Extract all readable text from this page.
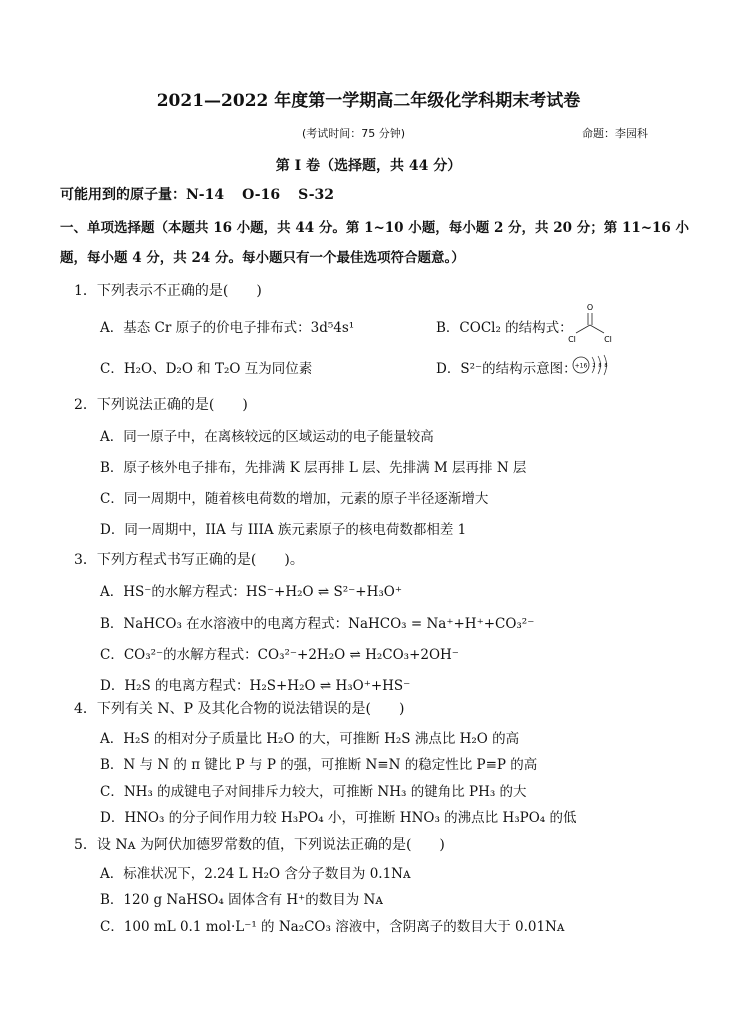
2021—2022 年度第一学期高二年级化学科期末考试卷
(考试时间：75 分钟)	命题：李园科
第 I 卷（选择题，共 44 分）
可能用到的原子量：N-14 O-16 S-32
一、单项选择题（本题共 16 小题，共 44 分。第 1~10 小题，每小题 2 分，共 20 分；第 11~16 小
题，每小题 4 分，共 24 分。每小题只有一个最佳选项符合题意。）
1．下列表示不正确的是(　　)
A．基态 Cr 原子的价电子排布式：3d⁵4s¹	B．COCl₂ 的结构式：
O
Cl	Cl
C．H₂O、D₂O 和 T₂O 互为同位素	D．S²⁻的结构示意图：
+16 2 8 8
2．下列说法正确的是(　　)
A．同一原子中，在离核较远的区域运动的电子能量较高
B．原子核外电子排布，先排满 K 层再排 L 层、先排满 M 层再排 N 层
C．同一周期中，随着核电荷数的增加，元素的原子半径逐渐增大
D．同一周期中，IIA 与 IIIA 族元素原子的核电荷数都相差 1
3．下列方程式书写正确的是(　　)。
A．HS⁻的水解方程式：HS⁻+H₂O ⇌ S²⁻+H₃O⁺
B．NaHCO₃ 在水溶液中的电离方程式：NaHCO₃ = Na⁺+H⁺+CO₃²⁻
C．CO₃²⁻的水解方程式：CO₃²⁻+2H₂O ⇌ H₂CO₃+2OH⁻
D．H₂S 的电离方程式：H₂S+H₂O ⇌ H₃O⁺+HS⁻
4．下列有关 N、P 及其化合物的说法错误的是(　　)
A．H₂S 的相对分子质量比 H₂O 的大，可推断 H₂S 沸点比 H₂O 的高
B．N 与 N 的 π 键比 P 与 P 的强，可推断 N≡N 的稳定性比 P≡P 的高
C．NH₃ 的成键电子对间排斥力较大，可推断 NH₃ 的键角比 PH₃ 的大
D．HNO₃ 的分子间作用力较 H₃PO₄ 小，可推断 HNO₃ 的沸点比 H₃PO₄ 的低
5．设 Nᴀ 为阿伏加德罗常数的值，下列说法正确的是(　　)
A．标准状况下，2.24 L H₂O 含分子数目为 0.1Nᴀ
B．120 g NaHSO₄ 固体含有 H⁺的数目为 Nᴀ
C．100 mL 0.1 mol·L⁻¹ 的 Na₂CO₃ 溶液中，含阴离子的数目大于 0.01Nᴀ
